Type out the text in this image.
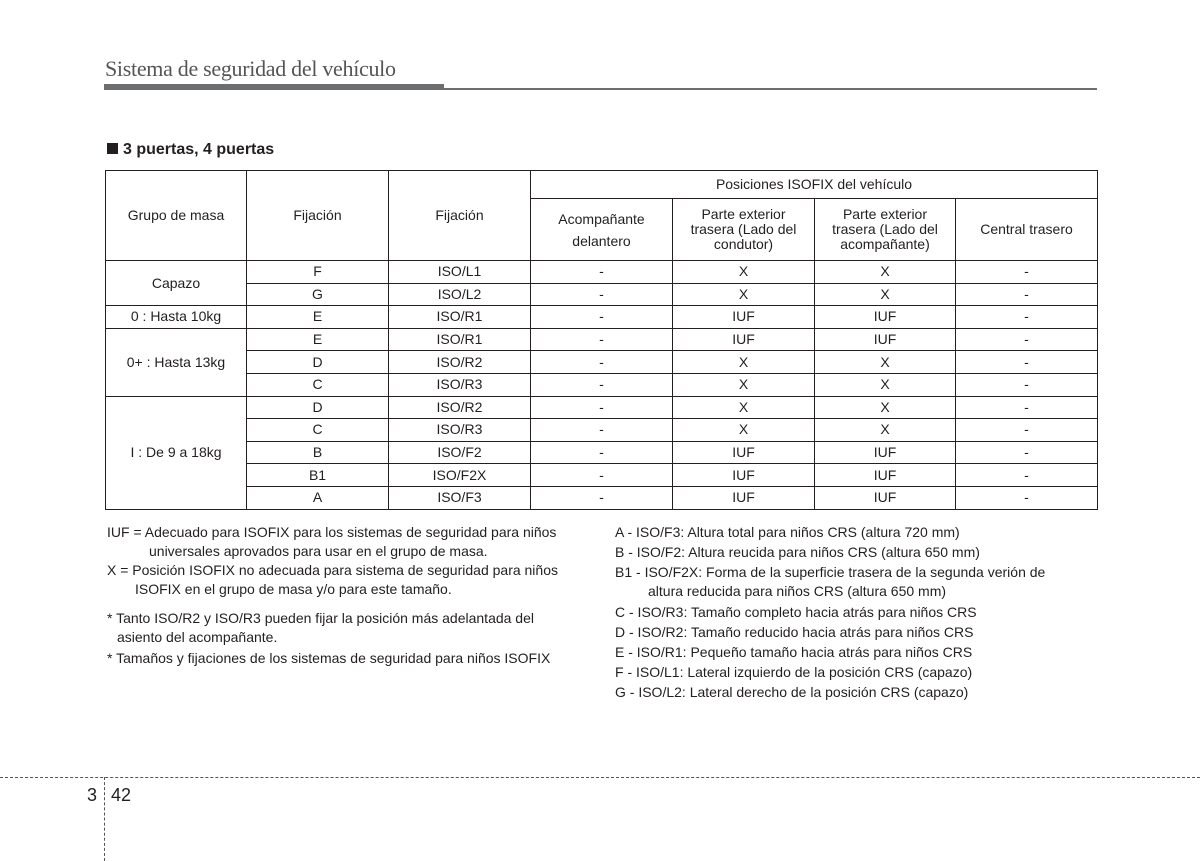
Sistema de seguridad del vehículo
3 puertas, 4 puertas
Grupo de masa	Fijación	Fijación	Posiciones ISOFIX del vehículo			
			Acompañante delantero	Parte exterior trasera (Lado del condutor)	Parte exterior trasera (Lado del acompañante)	Central trasero
Capazo	F	ISO/L1	-	X	X	-
	G	ISO/L2	-	X	X	-
0 : Hasta 10kg	E	ISO/R1	-	IUF	IUF	-
0+ : Hasta 13kg	E	ISO/R1	-	IUF	IUF	-
	D	ISO/R2	-	X	X	-
	C	ISO/R3	-	X	X	-
I : De 9 a 18kg	D	ISO/R2	-	X	X	-
	C	ISO/R3	-	X	X	-
	B	ISO/F2	-	IUF	IUF	-
	B1	ISO/F2X	-	IUF	IUF	-
	A	ISO/F3	-	IUF	IUF	-

IUF = Adecuado para ISOFIX para los sistemas de seguridad para niños

universales aprovados para usar en el grupo de masa.

X = Posición ISOFIX no adecuada para sistema de seguridad para niños

ISOFIX en el grupo de masa y/o para este tamaño.

* Tanto ISO/R2 y ISO/R3 pueden fijar la posición más adelantada del

asiento del acompañante.

* Tamaños y fijaciones de los sistemas de seguridad para niños ISOFIX

A - ISO/F3: Altura total para niños CRS (altura 720 mm)

B - ISO/F2: Altura reucida para niños CRS (altura 650 mm)

B1 - ISO/F2X: Forma de la superficie trasera de la segunda verión de

altura reducida para niños CRS (altura 650 mm)

C - ISO/R3: Tamaño completo hacia atrás para niños CRS

D - ISO/R2: Tamaño reducido hacia atrás para niños CRS

E - ISO/R1: Pequeño tamaño hacia atrás para niños CRS

F - ISO/L1: Lateral izquierdo de la posición CRS (capazo)

G - ISO/L2: Lateral derecho de la posición CRS (capazo)

3 42
